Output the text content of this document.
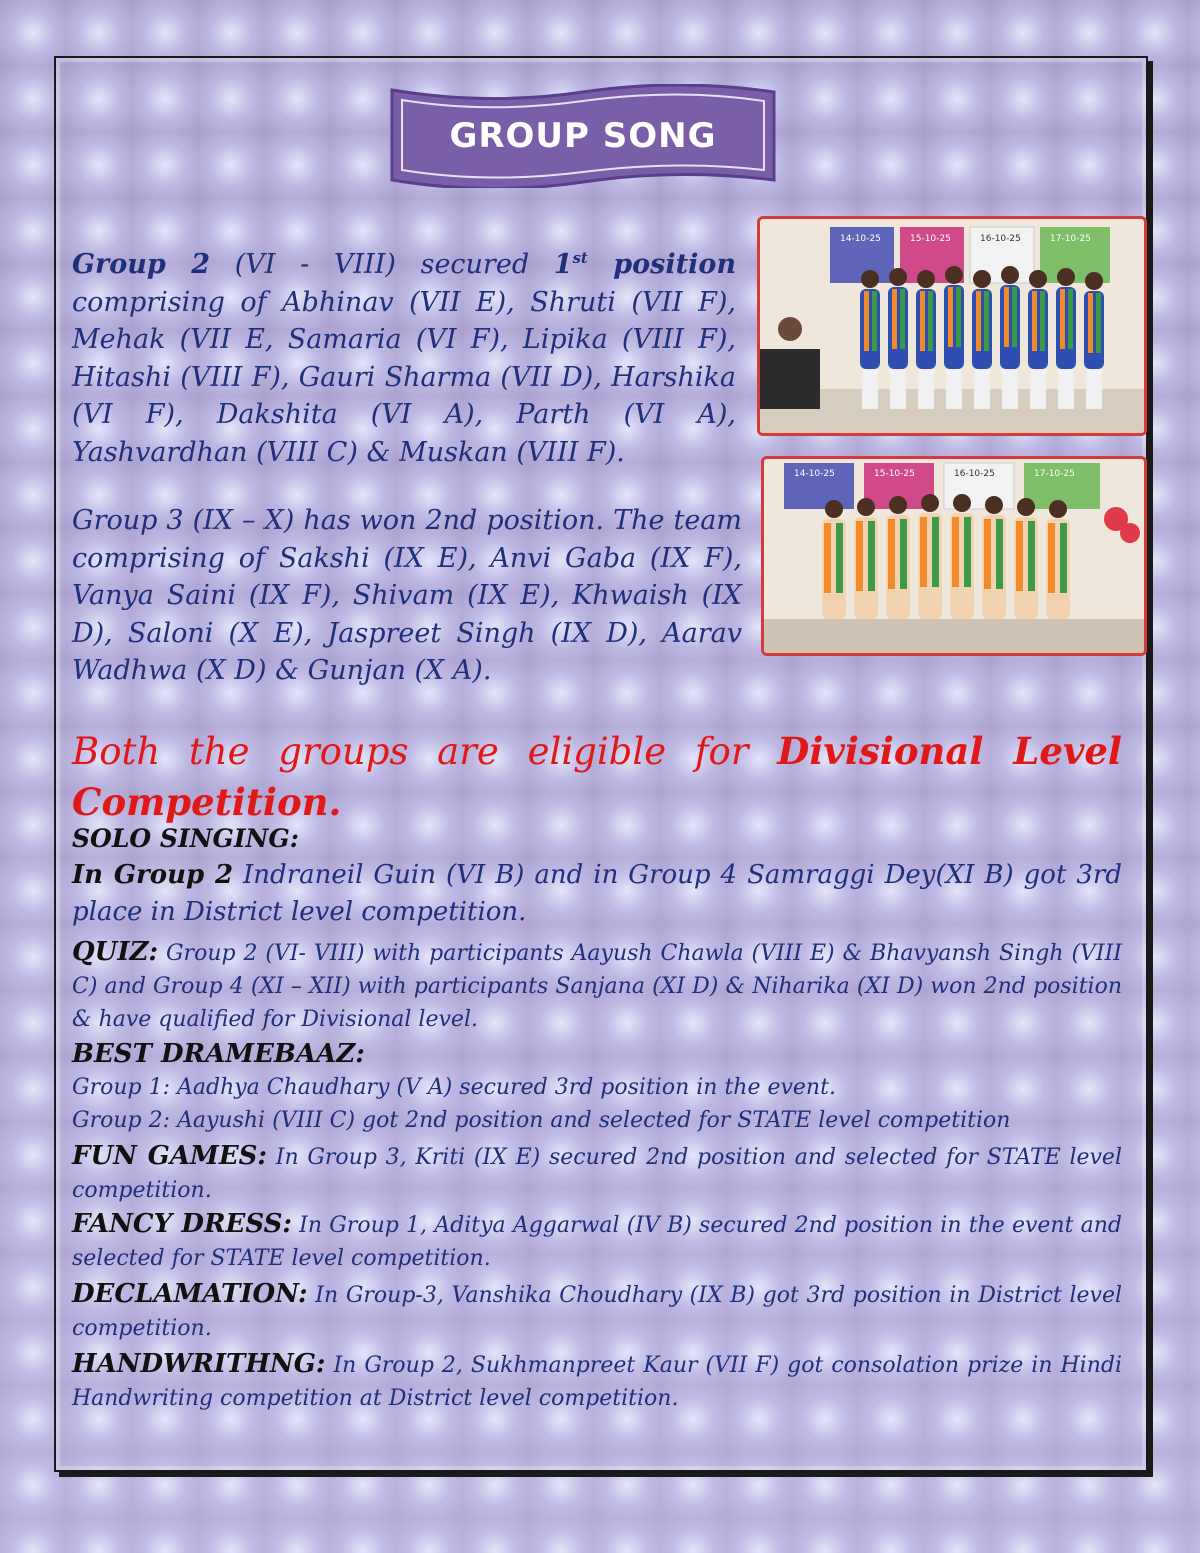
GROUP SONG
14-10-25	15-10-25	16-10-25	17-10-25
14-10-25	15-10-25	16-10-25	17-10-25
Group 2 (VI - VIII) secured 1st position comprising of Abhinav (VII E), Shruti (VII F), Mehak (VII E, Samaria (VI F), Lipika (VIII F), Hitashi (VIII F), Gauri Sharma (VII D), Harshika (VI F), Dakshita (VI A), Parth (VI A), Yashvardhan (VIII C) & Muskan (VIII F).
Group 3 (IX – X) has won 2nd position. The team comprising of Sakshi (IX E), Anvi Gaba (IX F), Vanya Saini (IX F), Shivam (IX E), Khwaish (IX D), Saloni (X E), Jaspreet Singh (IX D), Aarav Wadhwa (X D) & Gunjan (X A).
Both the groups are eligible for Divisional Level Competition.
SOLO SINGING:
In Group 2 Indraneil Guin (VI B) and in Group 4 Samraggi Dey(XI B) got 3rd place in District level competition.
QUIZ: Group 2 (VI- VIII) with participants Aayush Chawla (VIII E) & Bhavyansh Singh (VIII C) and Group 4 (XI – XII) with participants Sanjana (XI D) & Niharika (XI D) won 2nd position & have qualified for Divisional level.
BEST DRAMEBAAZ:
Group 1: Aadhya Chaudhary (V A) secured 3rd position in the event.
Group 2: Aayushi (VIII C) got 2nd position and selected for STATE level competition
FUN GAMES: In Group 3, Kriti (IX E) secured 2nd position and selected for STATE level competition.
FANCY DRESS: In Group 1, Aditya Aggarwal (IV B) secured 2nd position in the event and selected for STATE level competition.
DECLAMATION: In Group-3, Vanshika Choudhary (IX B) got 3rd position in District level competition.
HANDWRITHNG: In Group 2, Sukhmanpreet Kaur (VII F) got consolation prize in Hindi Handwriting competition at District level competition.
